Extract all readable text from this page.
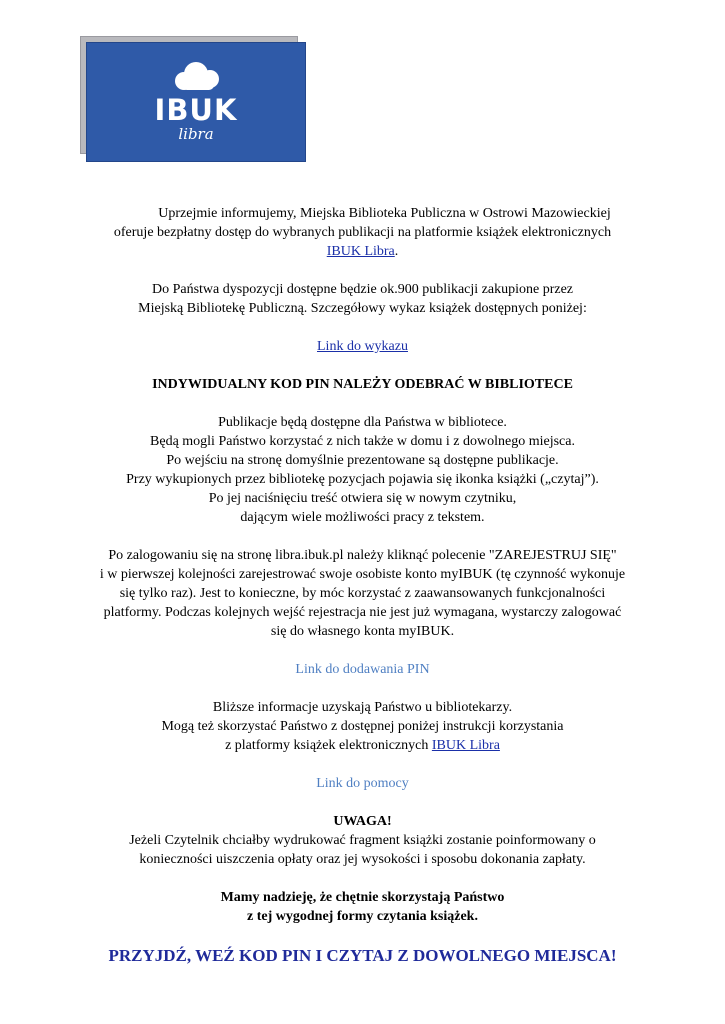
IBUK
libra

Uprzejmie informujemy, Miejska Biblioteka Publiczna w Ostrowi Mazowieckiej

oferuje bezpłatny dostęp do wybranych publikacji na platformie książek elektronicznych

IBUK Libra.

Do Państwa dyspozycji dostępne będzie ok.900 publikacji zakupione przez

Miejską Bibliotekę Publiczną. Szczegółowy wykaz książek dostępnych poniżej:

Link do wykazu

INDYWIDUALNY KOD PIN NALEŻY ODEBRAĆ W BIBLIOTECE

Publikacje będą dostępne dla Państwa w bibliotece.

Będą mogli Państwo korzystać z nich także w domu i z dowolnego miejsca.

Po wejściu na stronę domyślnie prezentowane są dostępne publikacje.

Przy wykupionych przez bibliotekę pozycjach pojawia się ikonka książki („czytaj”).

Po jej naciśnięciu treść otwiera się w nowym czytniku,

dającym wiele możliwości pracy z tekstem.

Po zalogowaniu się na stronę libra.ibuk.pl należy kliknąć polecenie "ZAREJESTRUJ SIĘ"

i w pierwszej kolejności zarejestrować swoje osobiste konto myIBUK (tę czynność wykonuje

się tylko raz). Jest to konieczne, by móc korzystać z zaawansowanych funkcjonalności

platformy. Podczas kolejnych wejść rejestracja nie jest już wymagana, wystarczy zalogować

się do własnego konta myIBUK.

Link do dodawania PIN

Bliższe informacje uzyskają Państwo u bibliotekarzy.

Mogą też skorzystać Państwo z dostępnej poniżej instrukcji korzystania

z platformy książek elektronicznych IBUK Libra

Link do pomocy

UWAGA!

Jeżeli Czytelnik chciałby wydrukować fragment książki zostanie poinformowany o

konieczności uiszczenia opłaty oraz jej wysokości i sposobu dokonania zapłaty.

Mamy nadzieję, że chętnie skorzystają Państwo

z tej wygodnej formy czytania książek.

PRZYJDŹ, WEŹ KOD PIN I CZYTAJ Z DOWOLNEGO MIEJSCA!
